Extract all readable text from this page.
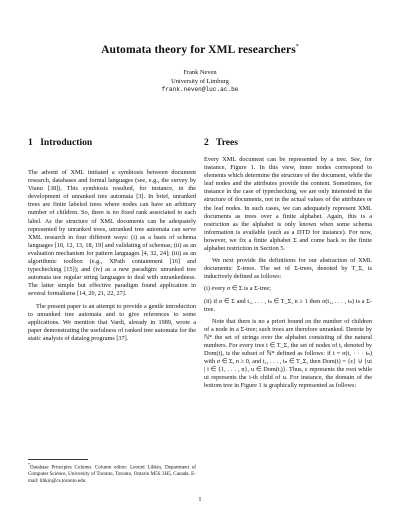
Automata theory for XML researchers*
Frank Neven
University of Limburg
frank.neven@luc.ac.be
1 Introduction

The advent of XML initiated a symbiosis between document research, databases and formal languages (see, e.g., the survey by Vianu [38]). This symbiosis resulted, for instance, in the development of unranked tree automata [3]. In brief, unranked trees are finite labeled trees where nodes can have an arbitrary number of children. So, there is no fixed rank associated to each label. As the structure of XML documents can be adequately represented by unranked trees, unranked tree automata can serve XML research in four different ways: (i) as a basis of schema languages [10, 12, 13, 18, 19] and validating of schemas; (ii) as an evaluation mechanism for pattern languages [4, 32, 24]; (iii) as an algorithmic toolbox (e.g., XPath containment [16] and typechecking [15]); and (iv) as a new paradigm: unranked tree automata use regular string languages to deal with unrankedness. The latter simple but effective paradigm found application in several formalisms [14, 20, 21, 22, 27].

The present paper is an attempt to provide a gentle introduction to unranked tree automata and to give references to some applications. We mention that Vardi, already in 1989, wrote a paper demonstrating the usefulness of ranked tree automata for the static analysis of datalog programs [37].

2 Trees

Every XML document can be represented by a tree. See, for instance, Figure 1. In this view, inner nodes correspond to elements which determine the structure of the document, while the leaf nodes and the attributes provide the content. Sometimes, for instance in the case of typechecking, we are only interested in the structure of documents, not in the actual values of the attributes or the leaf nodes. In such cases, we can adequately represent XML documents as trees over a finite alphabet. Again, this is a restriction as the alphabet is only known when some schema information is available (such as a DTD for instance). For now, however, we fix a finite alphabet Σ and come back to the finite alphabet restriction in Section 5.

We next provide the definitions for our abstraction of XML documents: Σ-trees. The set of Σ-trees, denoted by T_Σ, is inductively defined as follows:

(i) every σ ∈ Σ is a Σ-tree;
(ii) if σ ∈ Σ and t₁, . . . , tₙ ∈ T_Σ, n ≥ 1 then σ(t₁, . . . , tₙ) is a Σ-tree.

Note that there is no a priori bound on the number of children of a node in a Σ-tree; such trees are therefore unranked. Denote by ℕ* the set of strings over the alphabet consisting of the natural numbers. For every tree t ∈ T_Σ, the set of nodes of t, denoted by Dom(t), is the subset of ℕ* defined as follows: if t = σ(t₁ · · · tₙ) with σ ∈ Σ, n ≥ 0, and t₁, . . . , tₙ ∈ T_Σ, then Dom(t) = {ε} ∪ {ui | i ∈ {1, . . . , n}, u ∈ Dom(tᵢ)}. Thus, ε represents the root while ui represents the i-th child of u. For instance, the domain of the bottom tree in Figure 1 is graphically represented as follows:

*Database Principles Column. Column editor: Leonid Libkin, Department of Computer Science, University of Toronto, Toronto, Ontario M5S 3H5, Canada. E-mail: libkin@cs.toronto.edu.
1
